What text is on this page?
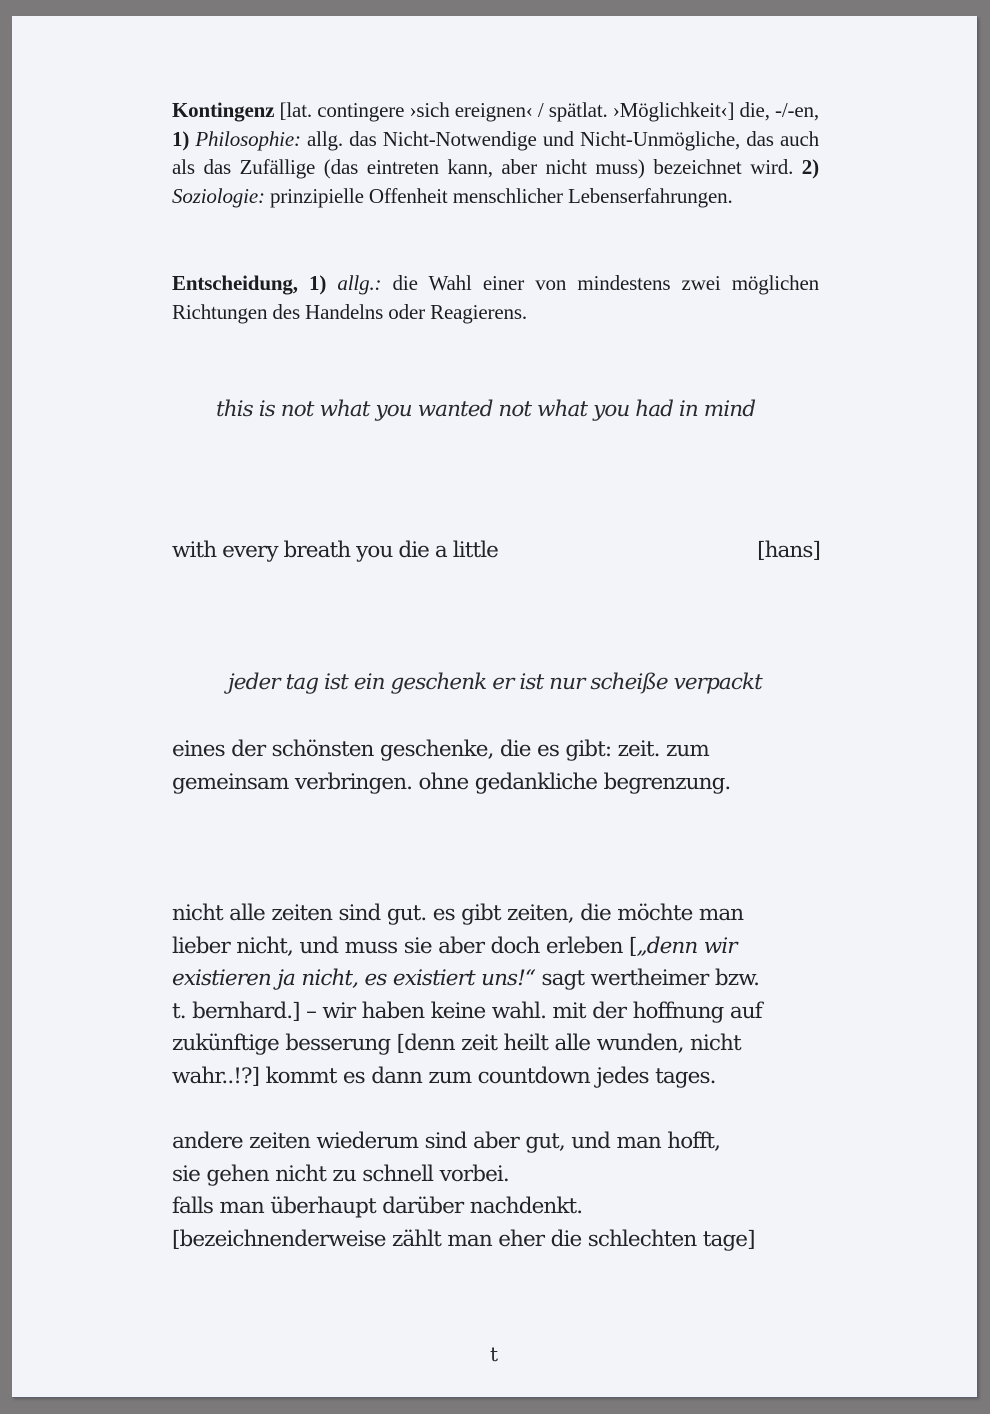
Kontingenz [lat. contingere ›sich ereignen‹ / spätlat. ›Möglichkeit‹] die, -/-en, 1) Philosophie: allg. das Nicht-Notwendige und Nicht-Unmögliche, das auch als das Zufällige (das eintreten kann, aber nicht muss) bezeichnet wird. 2) Soziologie: prinzipielle Offenheit menschlicher Lebenserfahrungen.
Entscheidung, 1) allg.: die Wahl einer von mindestens zwei möglichen Richtungen des Handelns oder Reagierens.
this is not what you wanted not what you had in mind
with every breath you die a little	[hans]
jeder tag ist ein geschenk er ist nur scheiße verpackt
eines der schönsten geschenke, die es gibt: zeit. zum
gemeinsam verbringen. ohne gedankliche begrenzung.
nicht alle zeiten sind gut. es gibt zeiten, die möchte man
lieber nicht, und muss sie aber doch erleben [„denn wir
existieren ja nicht, es existiert uns!“ sagt wertheimer bzw.
t. bernhard.] – wir haben keine wahl. mit der hoffnung auf
zukünftige besserung [denn zeit heilt alle wunden, nicht
wahr..!?] kommt es dann zum countdown jedes tages.
andere zeiten wiederum sind aber gut, und man hofft,
sie gehen nicht zu schnell vorbei.
falls man überhaupt darüber nachdenkt.
[bezeichnenderweise zählt man eher die schlechten tage]
t
